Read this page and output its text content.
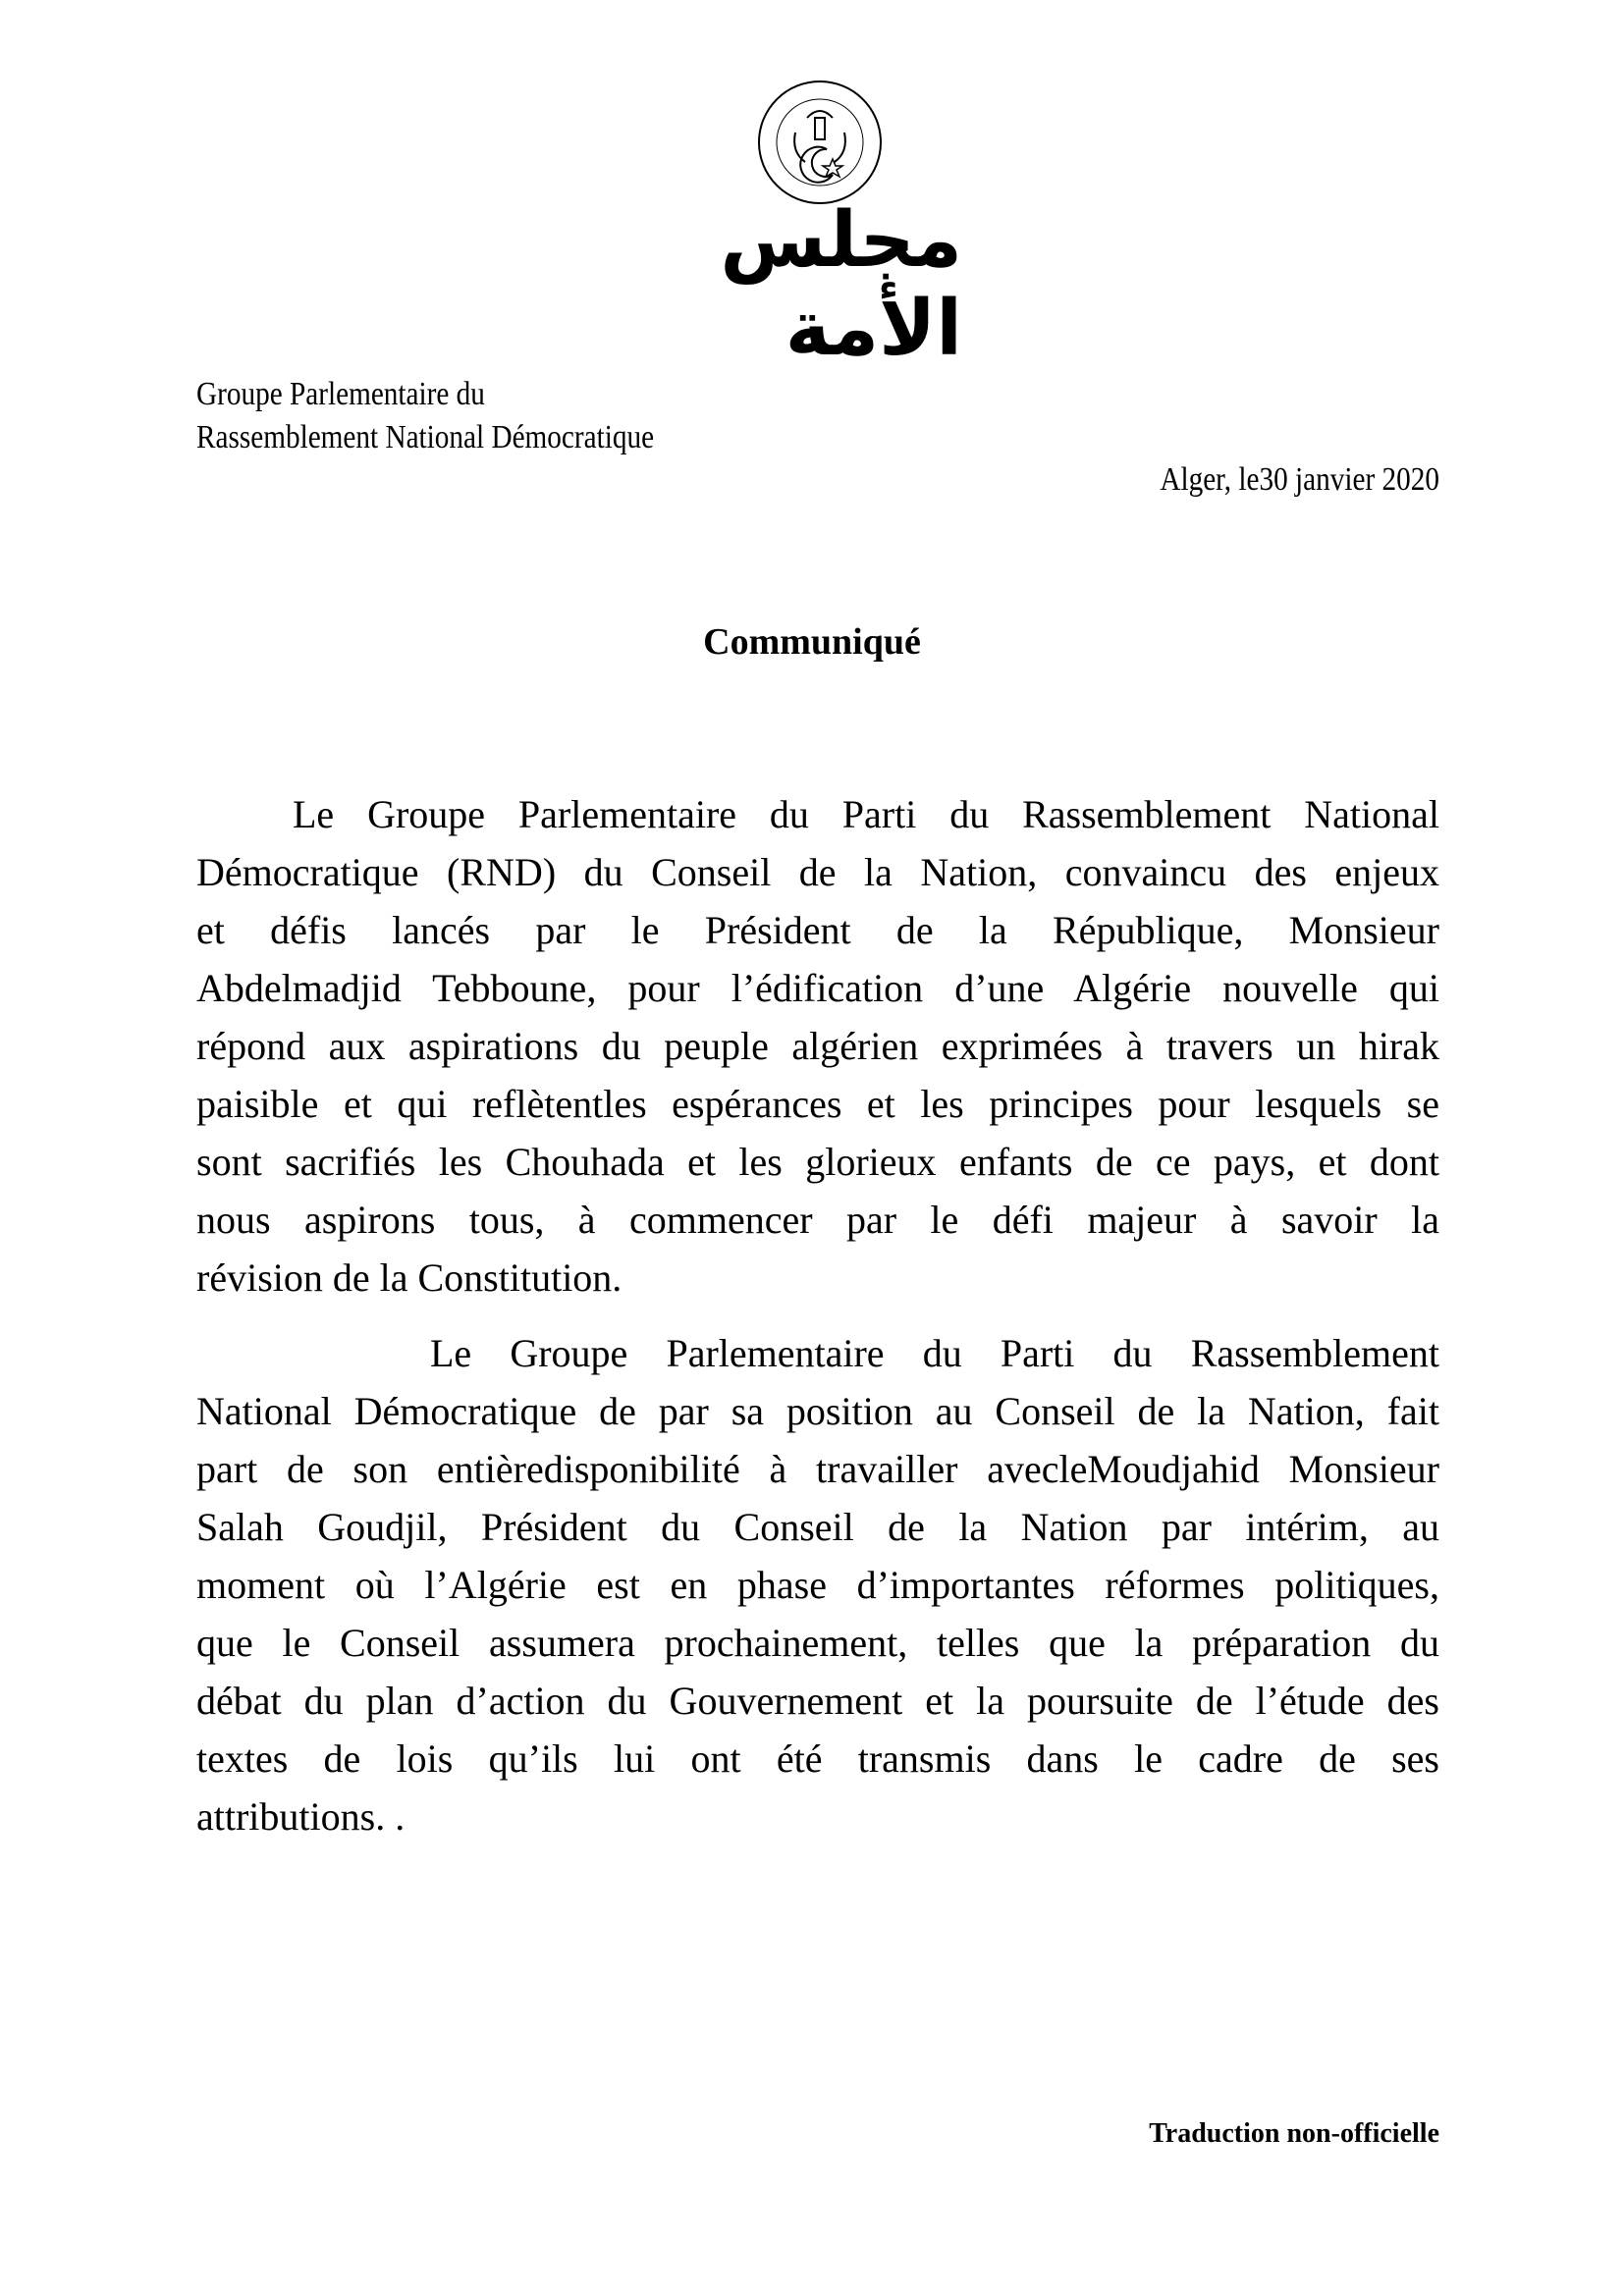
مجلس الأمة
Groupe Parlementaire du
Rassemblement National Démocratique
Alger, le30 janvier 2020
Communiqué
Le Groupe Parlementaire du Parti du Rassemblement National
Démocratique (RND) du Conseil de la Nation, convaincu des enjeux
et défis lancés par le Président de la République, Monsieur
Abdelmadjid Tebboune, pour l’édification d’une Algérie nouvelle qui
répond aux aspirations du peuple algérien exprimées à travers un hirak
paisible et qui reflètentles espérances et les principes pour lesquels se
sont sacrifiés les Chouhada et les glorieux enfants de ce pays, et dont
nous aspirons tous, à commencer par le défi majeur à savoir la
révision de la Constitution.
Le Groupe Parlementaire du Parti du Rassemblement
National Démocratique de par sa position au Conseil de la Nation, fait
part de son entièredisponibilité à travailler avecleMoudjahid Monsieur
Salah Goudjil, Président du Conseil de la Nation par intérim, au
moment où l’Algérie est en phase d’importantes réformes politiques,
que le Conseil assumera prochainement, telles que la préparation du
débat du plan d’action du Gouvernement et la poursuite de l’étude des
textes de lois qu’ils lui ont été transmis dans le cadre de ses
attributions. .
Traduction non-officielle
